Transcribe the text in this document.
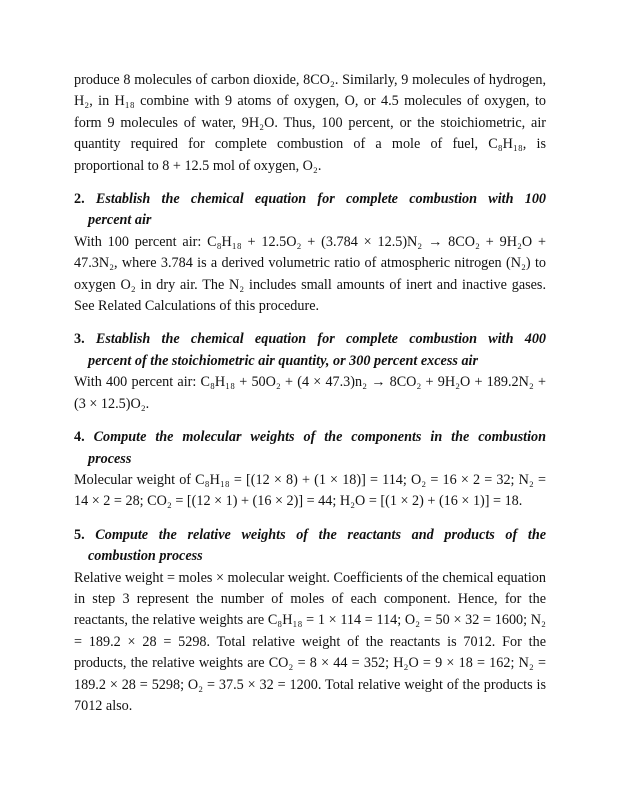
produce 8 molecules of carbon dioxide, 8CO₂. Similarly, 9 molecules of hydrogen, H₂, in H₁₈ combine with 9 atoms of oxygen, O, or 4.5 molecules of oxygen, to form 9 molecules of water, 9H₂O. Thus, 100 percent, or the stoichiometric, air quantity required for complete combustion of a mole of fuel, C₈H₁₈, is proportional to 8 + 12.5 mol of oxygen, O₂.

2. Establish the chemical equation for complete combustion with 100
percent air

With 100 percent air: C₈H₁₈ + 12.5O₂ + (3.784 × 12.5)N₂ → 8CO₂ + 9H₂O + 47.3N₂, where 3.784 is a derived volumetric ratio of atmospheric nitrogen (N₂) to oxygen O₂ in dry air. The N₂ includes small amounts of inert and inactive gases. See Related Calculations of this procedure.

3. Establish the chemical equation for complete combustion with 400
percent of the stoichiometric air quantity, or 300 percent excess air

With 400 percent air: C₈H₁₈ + 50O₂ + (4 × 47.3)n₂ → 8CO₂ + 9H₂O + 189.2N₂ + (3 × 12.5)O₂.

4. Compute the molecular weights of the components in the combustion
process

Molecular weight of C₈H₁₈ = [(12 × 8) + (1 × 18)] = 114; O₂ = 16 × 2 = 32; N₂ = 14 × 2 = 28; CO₂ = [(12 × 1) + (16 × 2)] = 44; H₂O = [(1 × 2) + (16 × 1)] = 18.

5. Compute the relative weights of the reactants and products of the
combustion process

Relative weight = moles × molecular weight. Coefficients of the chemical equation in step 3 represent the number of moles of each component. Hence, for the reactants, the relative weights are C₈H₁₈ = 1 × 114 = 114; O₂ = 50 × 32 = 1600; N₂ = 189.2 × 28 = 5298. Total relative weight of the reactants is 7012. For the products, the relative weights are CO₂ = 8 × 44 = 352; H₂O = 9 × 18 = 162; N₂ = 189.2 × 28 = 5298; O₂ = 37.5 × 32 = 1200. Total relative weight of the products is 7012 also.
